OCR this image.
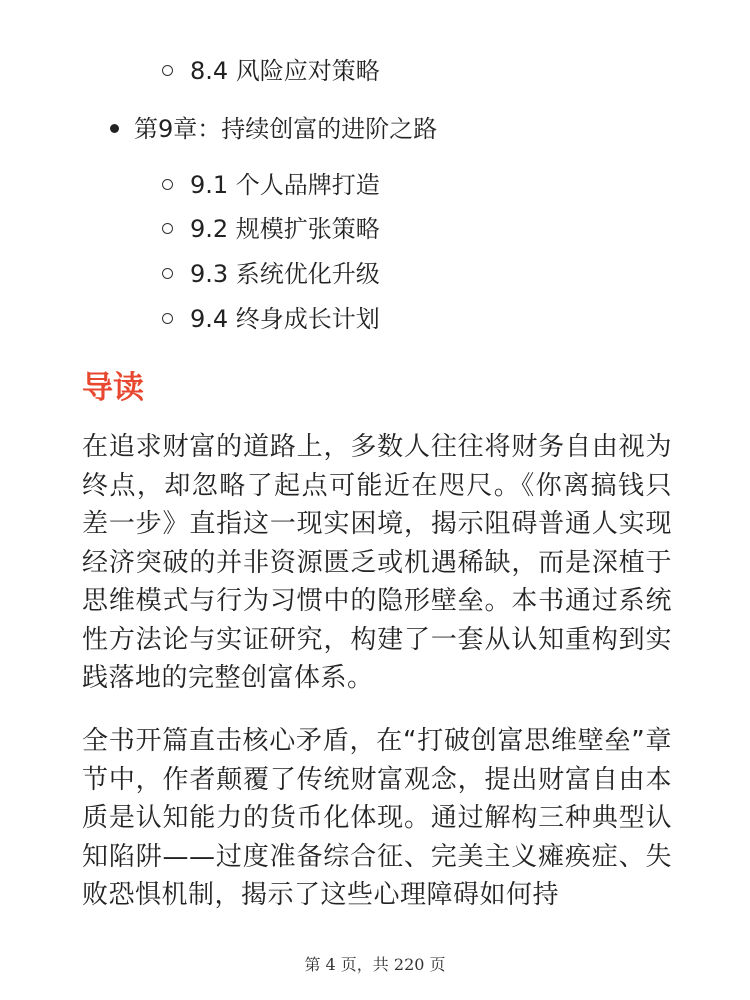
8.4 风险应对策略
第9章：持续创富的进阶之路
9.1 个人品牌打造
9.2 规模扩张策略
9.3 系统优化升级
9.4 终身成长计划
导读

在追求财富的道路上，多数人往往将财务自由视为终点，却忽略了起点可能近在咫尺。《你离搞钱只差一步》直指这一现实困境，揭示阻碍普通人实现经济突破的并非资源匮乏或机遇稀缺，而是深植于思维模式与行为习惯中的隐形壁垒。本书通过系统性方法论与实证研究，构建了一套从认知重构到实践落地的完整创富体系。

全书开篇直击核心矛盾，在“打破创富思维壁垒”章节中，作者颠覆了传统财富观念，提出财富自由本质是认知能力的货币化体现。通过解构三种典型认知陷阱——过度准备综合征、完美主义瘫痪症、失败恐惧机制，揭示了这些心理障碍如何持

第 4 页，共 220 页
